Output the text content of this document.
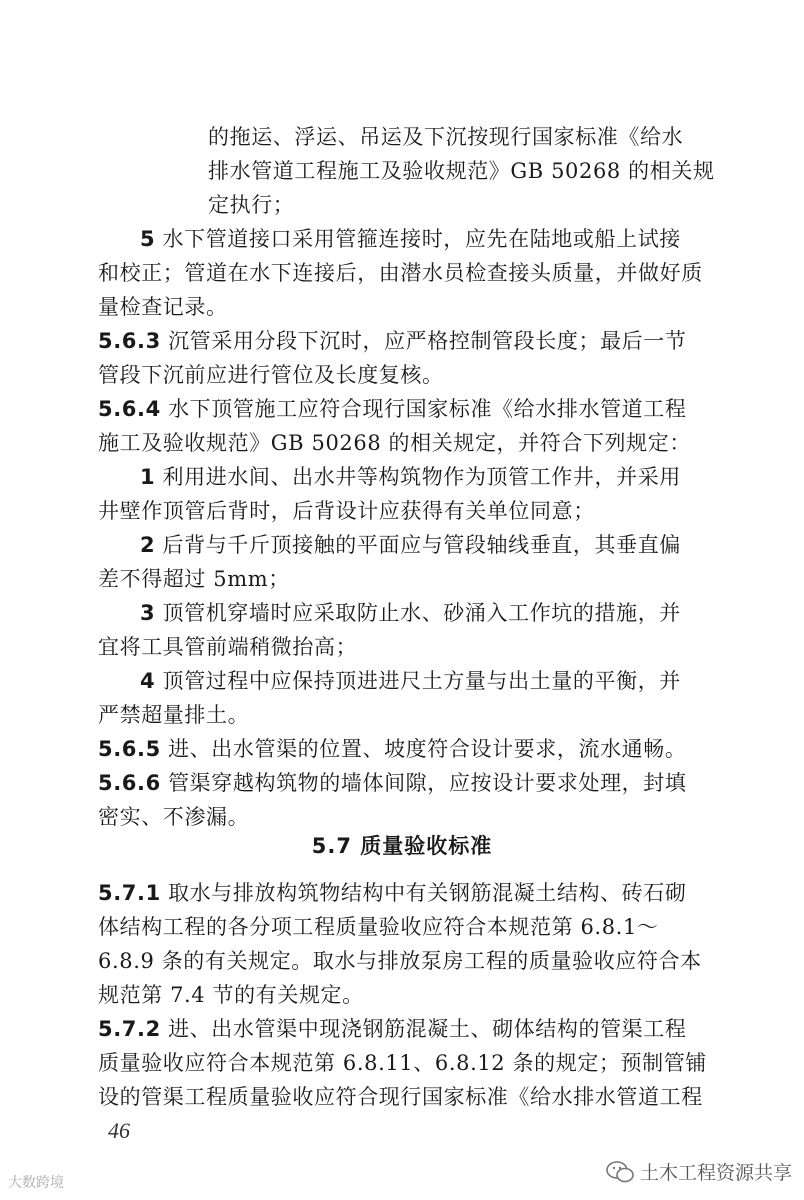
的拖运、浮运、吊运及下沉按现行国家标准《给水

排水管道工程施工及验收规范》GB 50268 的相关规

定执行；

5 水下管道接口采用管箍连接时，应先在陆地或船上试接

和校正；管道在水下连接后，由潜水员检查接头质量，并做好质

量检查记录。

5.6.3 沉管采用分段下沉时，应严格控制管段长度；最后一节

管段下沉前应进行管位及长度复核。

5.6.4 水下顶管施工应符合现行国家标准《给水排水管道工程

施工及验收规范》GB 50268 的相关规定，并符合下列规定：

1 利用进水间、出水井等构筑物作为顶管工作井，并采用

井壁作顶管后背时，后背设计应获得有关单位同意；

2 后背与千斤顶接触的平面应与管段轴线垂直，其垂直偏

差不得超过 5mm；

3 顶管机穿墙时应采取防止水、砂涌入工作坑的措施，并

宜将工具管前端稍微抬高；

4 顶管过程中应保持顶进进尺土方量与出土量的平衡，并

严禁超量排土。

5.6.5 进、出水管渠的位置、坡度符合设计要求，流水通畅。

5.6.6 管渠穿越构筑物的墙体间隙，应按设计要求处理，封填

密实、不渗漏。

5.7 质量验收标准

5.7.1 取水与排放构筑物结构中有关钢筋混凝土结构、砖石砌

体结构工程的各分项工程质量验收应符合本规范第 6.8.1～

6.8.9 条的有关规定。取水与排放泵房工程的质量验收应符合本

规范第 7.4 节的有关规定。

5.7.2 进、出水管渠中现浇钢筋混凝土、砌体结构的管渠工程

质量验收应符合本规范第 6.8.11、6.8.12 条的规定；预制管铺

设的管渠工程质量验收应符合现行国家标准《给水排水管道工程

46
大数跨境	土木工程资源共享
